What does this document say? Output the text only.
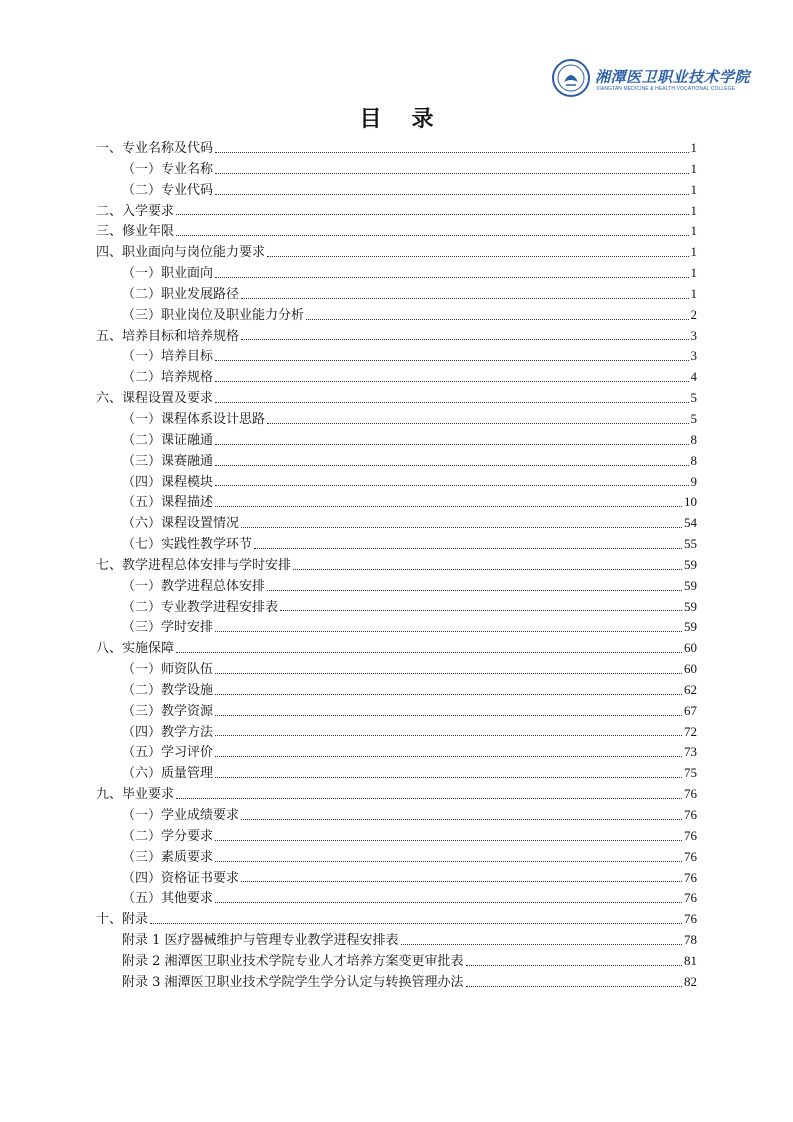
湘潭医卫职业技术学院
XIANGTAN MEDICINE & HEALTH VOCATIONAL COLLEGE
目录
一、专业名称及代码	1
（一）专业名称	1
（二）专业代码	1
二、入学要求	1
三、修业年限	1
四、职业面向与岗位能力要求	1
（一）职业面向	1
（二）职业发展路径	1
（三）职业岗位及职业能力分析	2
五、培养目标和培养规格	3
（一）培养目标	3
（二）培养规格	4
六、课程设置及要求	5
（一）课程体系设计思路	5
（二）课证融通	8
（三）课赛融通	8
（四）课程模块	9
（五）课程描述	10
（六）课程设置情况	54
（七）实践性教学环节	55
七、教学进程总体安排与学时安排	59
（一）教学进程总体安排	59
（二）专业教学进程安排表	59
（三）学时安排	59
八、实施保障	60
（一）师资队伍	60
（二）教学设施	62
（三）教学资源	67
（四）教学方法	72
（五）学习评价	73
（六）质量管理	75
九、毕业要求	76
（一）学业成绩要求	76
（二）学分要求	76
（三）素质要求	76
（四）资格证书要求	76
（五）其他要求	76
十、附录	76
附录 1 医疗器械维护与管理专业教学进程安排表	78
附录 2 湘潭医卫职业技术学院专业人才培养方案变更审批表	81
附录 3 湘潭医卫职业技术学院学生学分认定与转换管理办法	82
